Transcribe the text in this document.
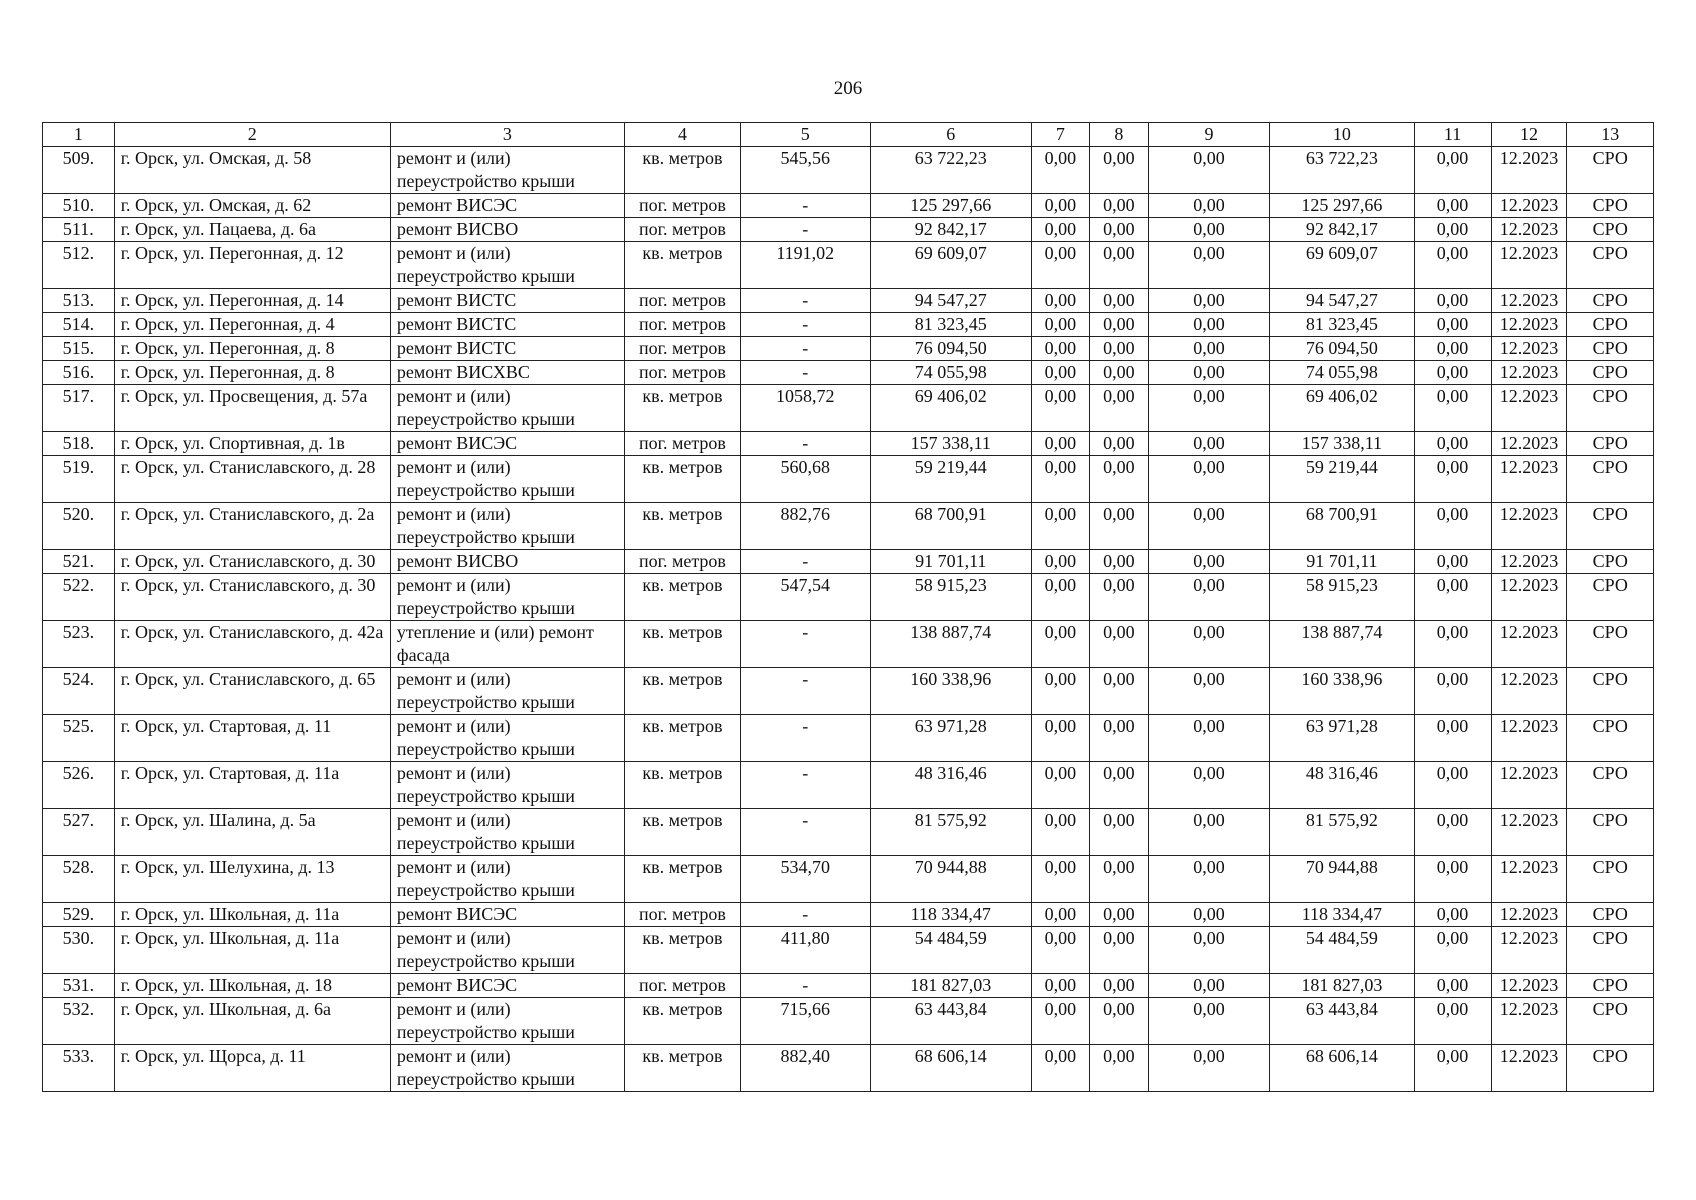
206
1	2	3	4	5	6	7	8	9	10	11	12	13
509.	г. Орск, ул. Омская, д. 58	ремонт и (или) переустройство крыши	кв. метров	545,56	63 722,23	0,00	0,00	0,00	63 722,23	0,00	12.2023	СРО
510.	г. Орск, ул. Омская, д. 62	ремонт ВИСЭС	пог. метров	-	125 297,66	0,00	0,00	0,00	125 297,66	0,00	12.2023	СРО
511.	г. Орск, ул. Пацаева, д. 6а	ремонт ВИСВО	пог. метров	-	92 842,17	0,00	0,00	0,00	92 842,17	0,00	12.2023	СРО
512.	г. Орск, ул. Перегонная, д. 12	ремонт и (или) переустройство крыши	кв. метров	1191,02	69 609,07	0,00	0,00	0,00	69 609,07	0,00	12.2023	СРО
513.	г. Орск, ул. Перегонная, д. 14	ремонт ВИСТС	пог. метров	-	94 547,27	0,00	0,00	0,00	94 547,27	0,00	12.2023	СРО
514.	г. Орск, ул. Перегонная, д. 4	ремонт ВИСТС	пог. метров	-	81 323,45	0,00	0,00	0,00	81 323,45	0,00	12.2023	СРО
515.	г. Орск, ул. Перегонная, д. 8	ремонт ВИСТС	пог. метров	-	76 094,50	0,00	0,00	0,00	76 094,50	0,00	12.2023	СРО
516.	г. Орск, ул. Перегонная, д. 8	ремонт ВИСХВС	пог. метров	-	74 055,98	0,00	0,00	0,00	74 055,98	0,00	12.2023	СРО
517.	г. Орск, ул. Просвещения, д. 57а	ремонт и (или) переустройство крыши	кв. метров	1058,72	69 406,02	0,00	0,00	0,00	69 406,02	0,00	12.2023	СРО
518.	г. Орск, ул. Спортивная, д. 1в	ремонт ВИСЭС	пог. метров	-	157 338,11	0,00	0,00	0,00	157 338,11	0,00	12.2023	СРО
519.	г. Орск, ул. Станиславского, д. 28	ремонт и (или) переустройство крыши	кв. метров	560,68	59 219,44	0,00	0,00	0,00	59 219,44	0,00	12.2023	СРО
520.	г. Орск, ул. Станиславского, д. 2а	ремонт и (или) переустройство крыши	кв. метров	882,76	68 700,91	0,00	0,00	0,00	68 700,91	0,00	12.2023	СРО
521.	г. Орск, ул. Станиславского, д. 30	ремонт ВИСВО	пог. метров	-	91 701,11	0,00	0,00	0,00	91 701,11	0,00	12.2023	СРО
522.	г. Орск, ул. Станиславского, д. 30	ремонт и (или) переустройство крыши	кв. метров	547,54	58 915,23	0,00	0,00	0,00	58 915,23	0,00	12.2023	СРО
523.	г. Орск, ул. Станиславского, д. 42а	утепление и (или) ремонт фасада	кв. метров	-	138 887,74	0,00	0,00	0,00	138 887,74	0,00	12.2023	СРО
524.	г. Орск, ул. Станиславского, д. 65	ремонт и (или) переустройство крыши	кв. метров	-	160 338,96	0,00	0,00	0,00	160 338,96	0,00	12.2023	СРО
525.	г. Орск, ул. Стартовая, д. 11	ремонт и (или) переустройство крыши	кв. метров	-	63 971,28	0,00	0,00	0,00	63 971,28	0,00	12.2023	СРО
526.	г. Орск, ул. Стартовая, д. 11а	ремонт и (или) переустройство крыши	кв. метров	-	48 316,46	0,00	0,00	0,00	48 316,46	0,00	12.2023	СРО
527.	г. Орск, ул. Шалина, д. 5а	ремонт и (или) переустройство крыши	кв. метров	-	81 575,92	0,00	0,00	0,00	81 575,92	0,00	12.2023	СРО
528.	г. Орск, ул. Шелухина, д. 13	ремонт и (или) переустройство крыши	кв. метров	534,70	70 944,88	0,00	0,00	0,00	70 944,88	0,00	12.2023	СРО
529.	г. Орск, ул. Школьная, д. 11а	ремонт ВИСЭС	пог. метров	-	118 334,47	0,00	0,00	0,00	118 334,47	0,00	12.2023	СРО
530.	г. Орск, ул. Школьная, д. 11а	ремонт и (или) переустройство крыши	кв. метров	411,80	54 484,59	0,00	0,00	0,00	54 484,59	0,00	12.2023	СРО
531.	г. Орск, ул. Школьная, д. 18	ремонт ВИСЭС	пог. метров	-	181 827,03	0,00	0,00	0,00	181 827,03	0,00	12.2023	СРО
532.	г. Орск, ул. Школьная, д. 6а	ремонт и (или) переустройство крыши	кв. метров	715,66	63 443,84	0,00	0,00	0,00	63 443,84	0,00	12.2023	СРО
533.	г. Орск, ул. Щорса, д. 11	ремонт и (или) переустройство крыши	кв. метров	882,40	68 606,14	0,00	0,00	0,00	68 606,14	0,00	12.2023	СРО
